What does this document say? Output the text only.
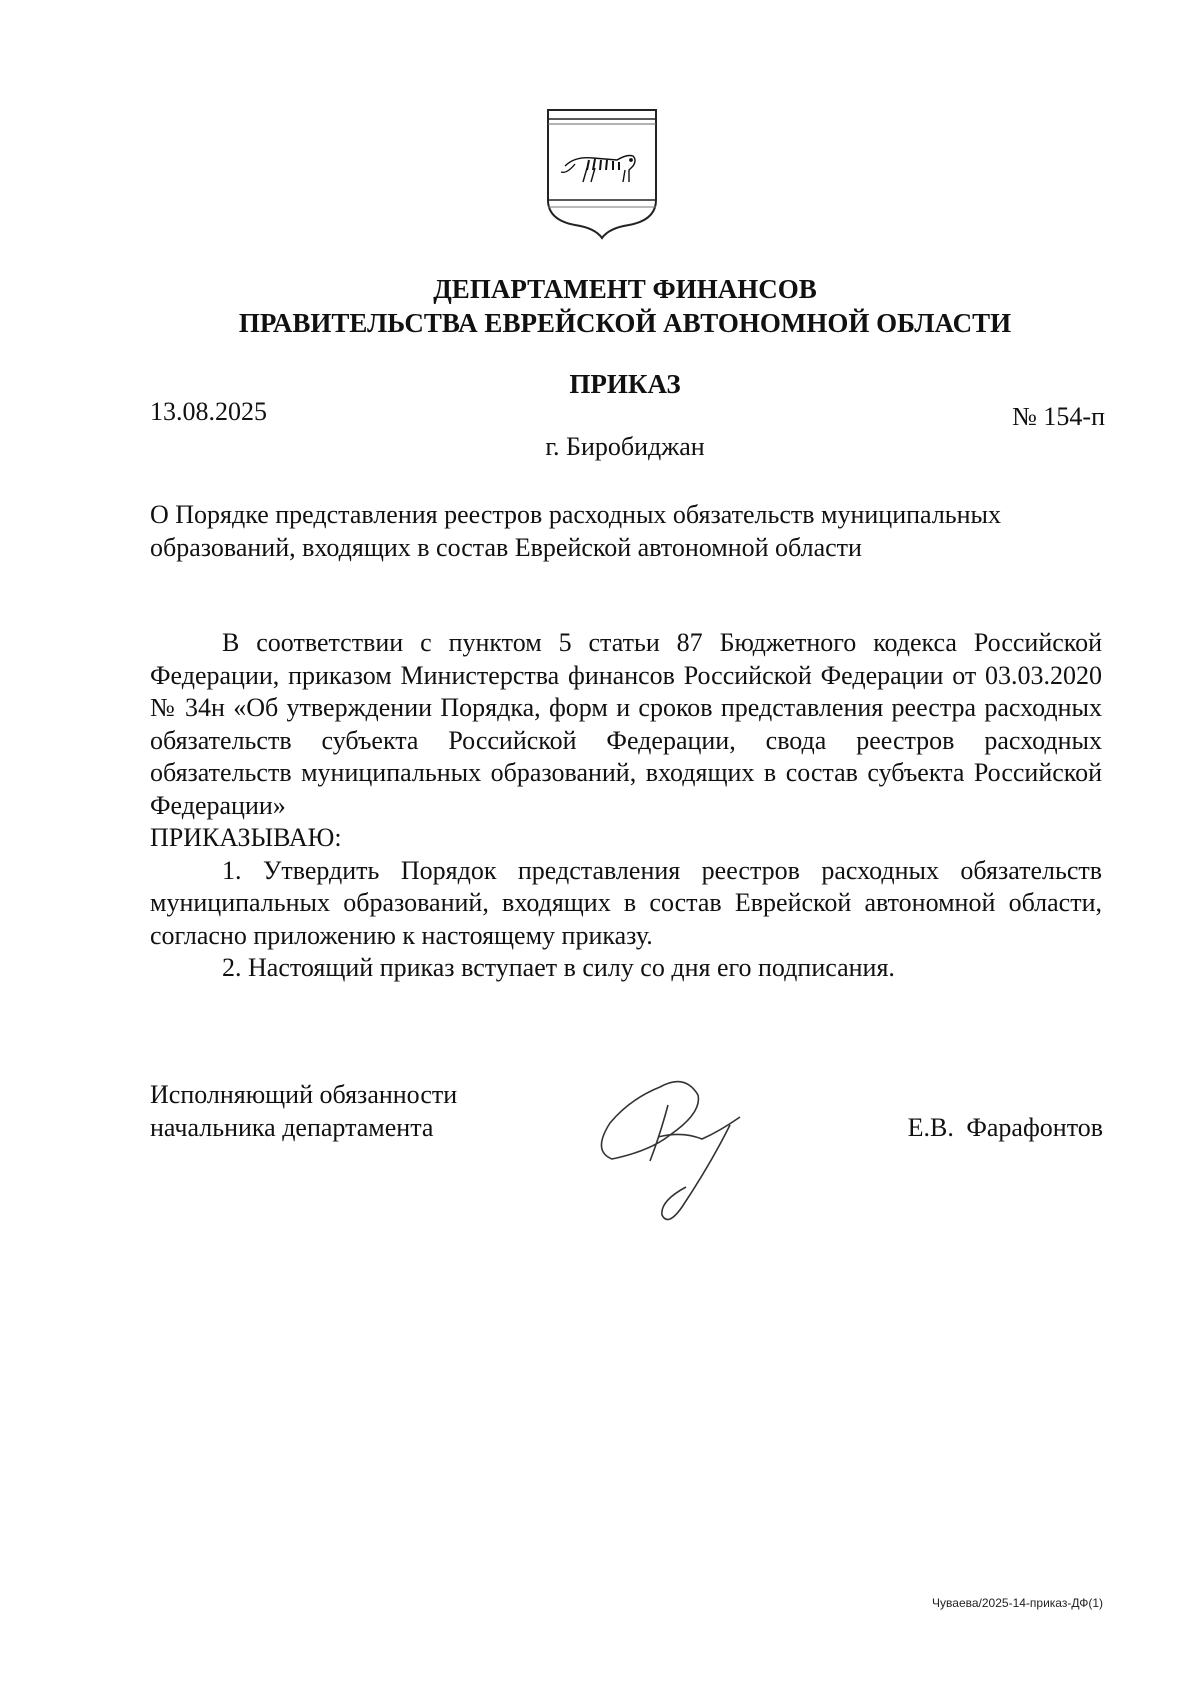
ДЕПАРТАМЕНТ ФИНАНСОВ
ПРАВИТЕЛЬСТВА ЕВРЕЙСКОЙ АВТОНОМНОЙ ОБЛАСТИ
ПРИКАЗ
13.08.2025	№ 154-п
г. Биробиджан
О Порядке представления реестров расходных обязательств муниципальных образований, входящих в состав Еврейской автономной области

В соответствии с пунктом 5 статьи 87 Бюджетного кодекса Российской Федерации, приказом Министерства финансов Российской Федерации от 03.03.2020 № 34н «Об утверждении Порядка, форм и сроков представления реестра расходных обязательств субъекта Российской Федерации, свода реестров расходных обязательств муниципальных образований, входящих в состав субъекта Российской Федерации»

ПРИКАЗЫВАЮ:

1. Утвердить Порядок представления реестров расходных обязательств муниципальных образований, входящих в состав Еврейской автономной области, согласно приложению к настоящему приказу.

2. Настоящий приказ вступает в силу со дня его подписания.

Исполняющий обязанности
начальника департамента	Е.В. Фарафонтов
Чуваева/2025-14-приказ-ДФ(1)
